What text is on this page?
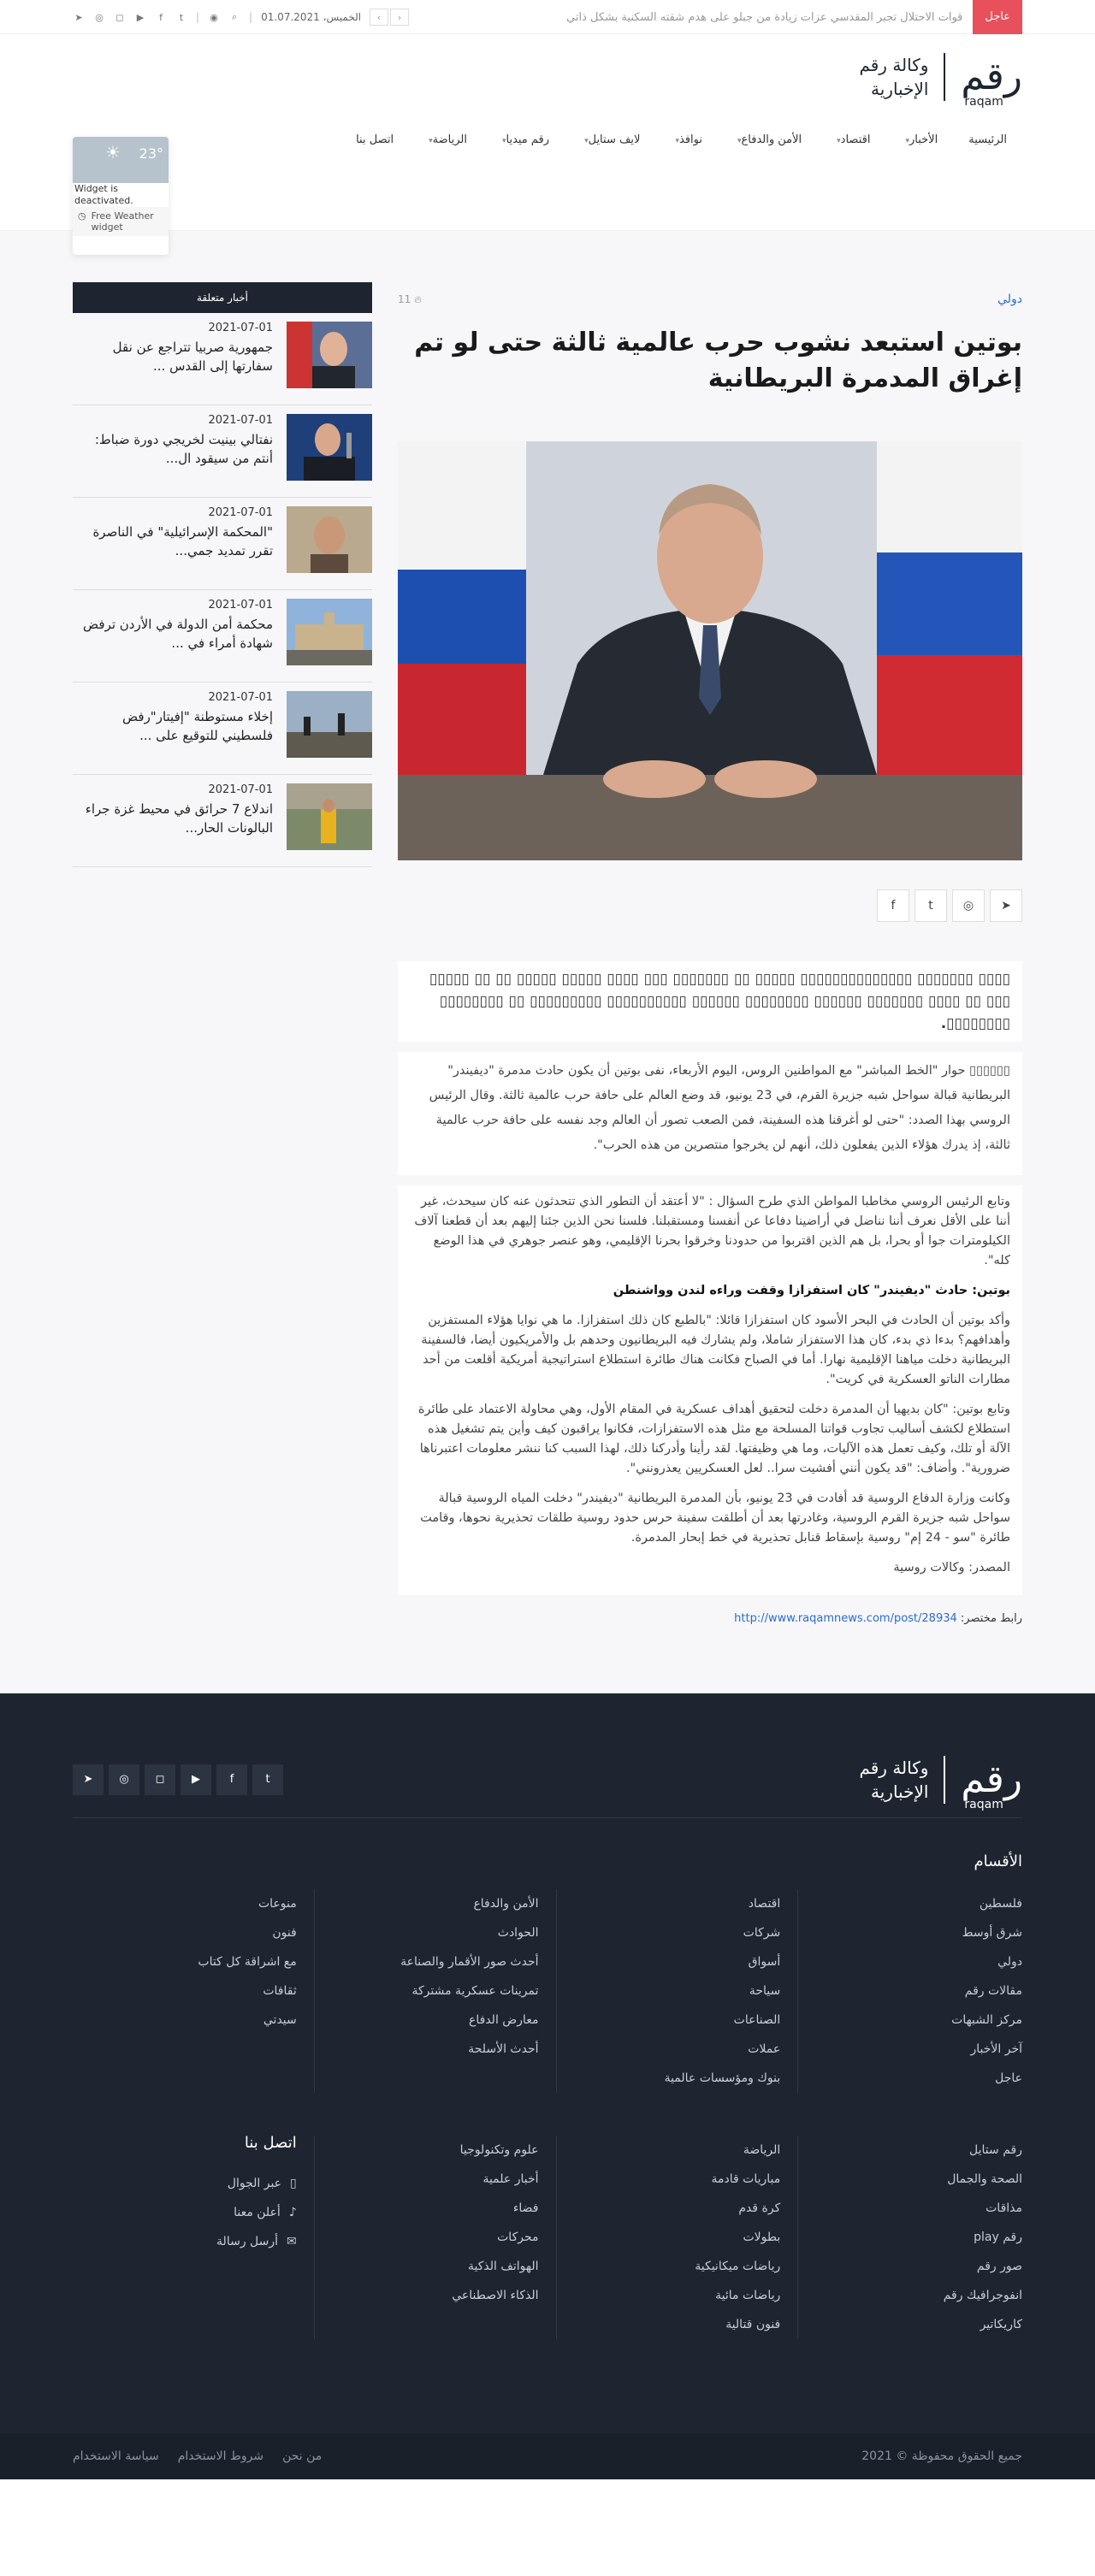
عاجل
قوات الاحتلال تجبر المقدسي عزات زيادة من جبلو على هدم شقته السكنية بشكل ذاتي
➤ ◎ ◻ ▶	f	t	| ◉	⌕	| الخميس، 01.07.2021	‹	›
رقم
raqam
وكالة رقم
الإخبارية
الرئيسية
الأخبار▾
اقتصاد▾
الأمن والدفاع▾
نوافذ▾
لايف ستايل▾
رقم ميديا▾
الرياضة▾
اتصل بنا
☀ 23°
Widget is deactivated.
◷ Free Weather widget
دولي
11 🔥︎
بوتين استبعد نشوب حرب عالمية ثالثة حتى لو تم إغراق المدمرة البريطانية
f	t	◎	➤
▯▯▯▯ ▯▯▯▯▯▯▯ ▯▯▯▯▯▯▯▯▯▯▯▯▯▯ ▯▯▯▯▯ ▯▯ ▯▯▯▯▯▯▯ ▯▯▯ ▯▯▯▯ ▯▯▯▯▯ ▯▯▯▯▯ ▯▯ ▯▯ ▯▯▯▯▯ ▯▯▯ ▯▯ ▯▯▯▯ ▯▯▯▯▯▯▯ ▯▯▯▯▯▯ ▯▯▯▯▯▯▯▯ ▯▯▯▯▯▯ ▯▯▯▯▯▯▯▯▯▯ ▯▯▯▯▯▯▯▯▯ ▯▯ ▯▯▯▯▯▯▯▯ ▯▯▯▯▯▯▯▯.

▯▯▯▯▯▯ حوار "الخط المباشر" مع المواطنين الروس، اليوم الأربعاء، نفى بوتين أن يكون حادث مدمرة "ديفيندر" البريطانية قبالة سواحل شبه جزيرة القرم، في 23 يونيو، قد وضع العالم على حافة حرب عالمية ثالثة. وقال الرئيس الروسي بهذا الصدد: "حتى لو أغرقنا هذه السفينة، فمن الصعب تصور أن العالم وجد نفسه على حافة حرب عالمية ثالثة، إذ يدرك هؤلاء الذين يفعلون ذلك، أنهم لن يخرجوا منتصرين من هذه الحرب".

وتابع الرئيس الروسي مخاطبا المواطن الذي طرح السؤال : "لا أعتقد أن التطور الذي تتحدثون عنه كان سيحدث، غير أننا على الأقل نعرف أننا نناضل في أراضينا دفاعا عن أنفسنا ومستقبلنا. فلسنا نحن الذين جئنا إليهم بعد أن قطعنا آلاف الكيلومترات جوا أو بحرا، بل هم الذين اقتربوا من حدودنا وخرقوا بحرنا الإقليمي، وهو عنصر جوهري في هذا الوضع كله".

بوتين: حادث "ديفيندر" كان استفزازا وقفت وراءه لندن وواشنطن

وأكد بوتين أن الحادث في البحر الأسود كان استفزازا قائلا: "بالطبع كان ذلك استفزازا. ما هي نوايا هؤلاء المستفزين وأهدافهم؟ بدءا ذي بدء، كان هذا الاستفزاز شاملا، ولم يشارك فيه البريطانيون وحدهم بل والأمريكيون أيضا، فالسفينة البريطانية دخلت مياهنا الإقليمية نهارا. أما في الصباح فكانت هناك طائرة استطلاع استراتيجية أمريكية أقلعت من أحد مطارات الناتو العسكرية في كريت".

وتابع بوتين: "كان بديهيا أن المدمرة دخلت لتحقيق أهداف عسكرية في المقام الأول، وهي محاولة الاعتماد على طائرة استطلاع لكشف أساليب تجاوب قواتنا المسلحة مع مثل هذه الاستفزازات، فكانوا يراقبون كيف وأين يتم تشغيل هذه الآلة أو تلك، وكيف تعمل هذه الآليات، وما هي وظيفتها. لقد رأينا وأدركنا ذلك، لهذا السبب كنا ننشر معلومات اعتبرناها ضرورية". وأضاف: "قد يكون أنني أفشيت سرا.. لعل العسكريين يعذرونني".

وكانت وزارة الدفاع الروسية قد أفادت في 23 يونيو، بأن المدمرة البريطانية "ديفيندر" دخلت المياه الروسية قبالة سواحل شبه جزيرة القرم الروسية، وغادرتها بعد أن أطلقت سفينة حرس حدود روسية طلقات تحذيرية نحوها، وقامت طائرة "سو - 24 إم" روسية بإسقاط قنابل تحذيرية في خط إبحار المدمرة.

المصدر: وكالات روسية

رابط مختصر: http://www.raqamnews.com/post/28934
أخبار متعلقة
2021-07-01
جمهورية صربيا تتراجع عن نقل سفارتها إلى القدس ...
2021-07-01
نفتالي بينيت لخريجي دورة ضباط: أنتم من سيقود ال...
2021-07-01
"المحكمة الإسرائيلية" في الناصرة تقرر تمديد جمي...
2021-07-01
محكمة أمن الدولة في الأردن ترفض شهادة أمراء في ...
2021-07-01
إخلاء مستوطنة "إفيتار"رفض فلسطيني للتوقيع على ...
2021-07-01
اندلاع 7 حرائق في محيط غزة جراء البالونات الحار...
رقم
raqam
وكالة رقم
الإخبارية
t
f
▶
◻
◎
➤
الأقسام
فلسطين
شرق أوسط
دولي
مقالات رقم
مركز الشبهات
آخر الأخبار
عاجل
اقتصاد
شركات
أسواق
سياحة
الصناعات
عملات
بنوك ومؤسسات عالمية
الأمن والدفاع
الحوادث
أحدث صور الأقمار والصناعة
تمرينات عسكرية مشتركة
معارض الدفاع
أحدث الأسلحة
منوعات
فنون
مع اشراقة كل كتاب
ثقافات
سيدتي
رقم ستايل
الصحة والجمال
مذاقات
رقم play
صور رقم
انفوجرافيك رقم
كاريكاتير
الرياضة
مباريات قادمة
كرة قدم
بطولات
رياضات ميكانيكية
رياضات مائية
فنون قتالية
علوم وتكنولوجيا
أخبار علمية
فضاء
محركات
الهواتف الذكية
الذكاء الاصطناعي
اتصل بنا
▯
عبر الجوال
♪
أعلن معنا
✉
أرسل رسالة
جميع الحقوق محفوظة © 2021
من نحن
شروط الاستخدام
سياسة الاستخدام
